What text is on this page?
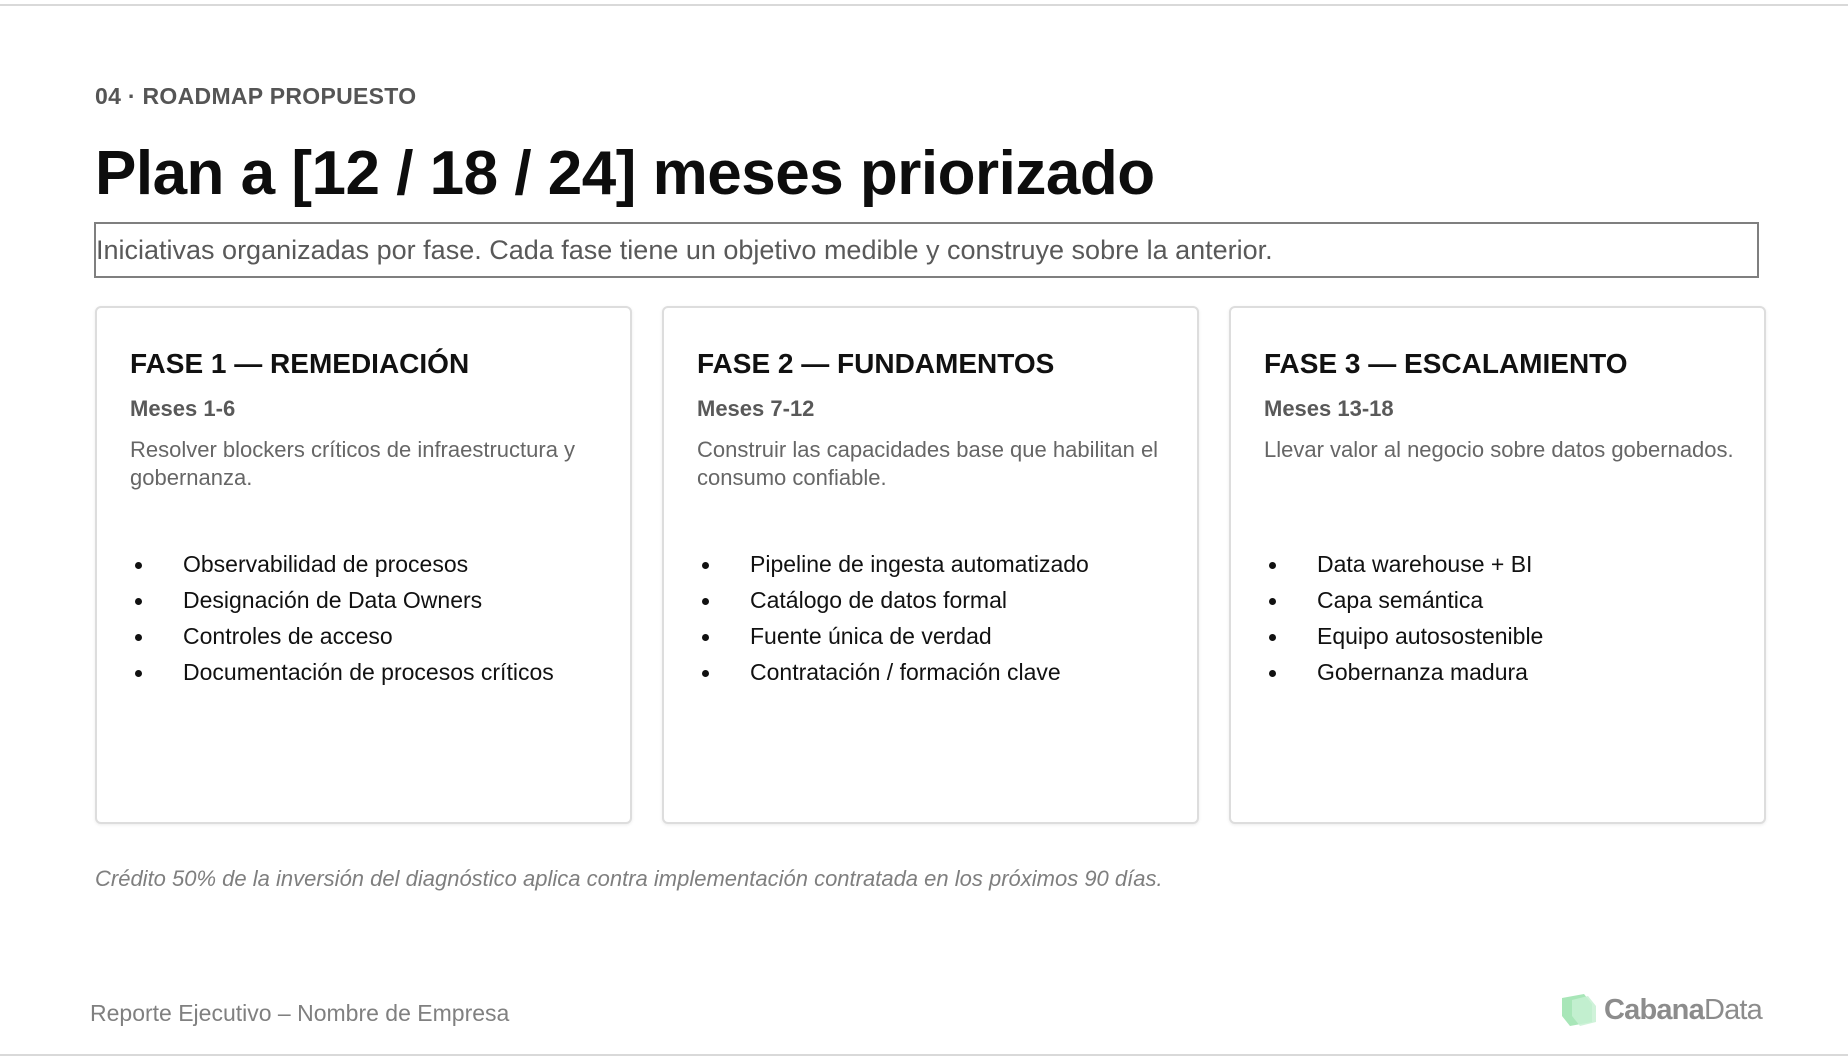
04 · ROADMAP PROPUESTO
Plan a [12 / 18 / 24] meses priorizado
Iniciativas organizadas por fase. Cada fase tiene un objetivo medible y construye sobre la anterior.
FASE 1 — REMEDIACIÓN
Meses 1-6
Resolver blockers críticos de infraestructura y gobernanza.
Observabilidad de procesos
Designación de Data Owners
Controles de acceso
Documentación de procesos críticos
FASE 2 — FUNDAMENTOS
Meses 7-12
Construir las capacidades base que habilitan el consumo confiable.
Pipeline de ingesta automatizado
Catálogo de datos formal
Fuente única de verdad
Contratación / formación clave
FASE 3 — ESCALAMIENTO
Meses 13-18
Llevar valor al negocio sobre datos gobernados.
Data warehouse + BI
Capa semántica
Equipo autosostenible
Gobernanza madura
Crédito 50% de la inversión del diagnóstico aplica contra implementación contratada en los próximos 90 días.
Reporte Ejecutivo – Nombre de Empresa	CabanaData
